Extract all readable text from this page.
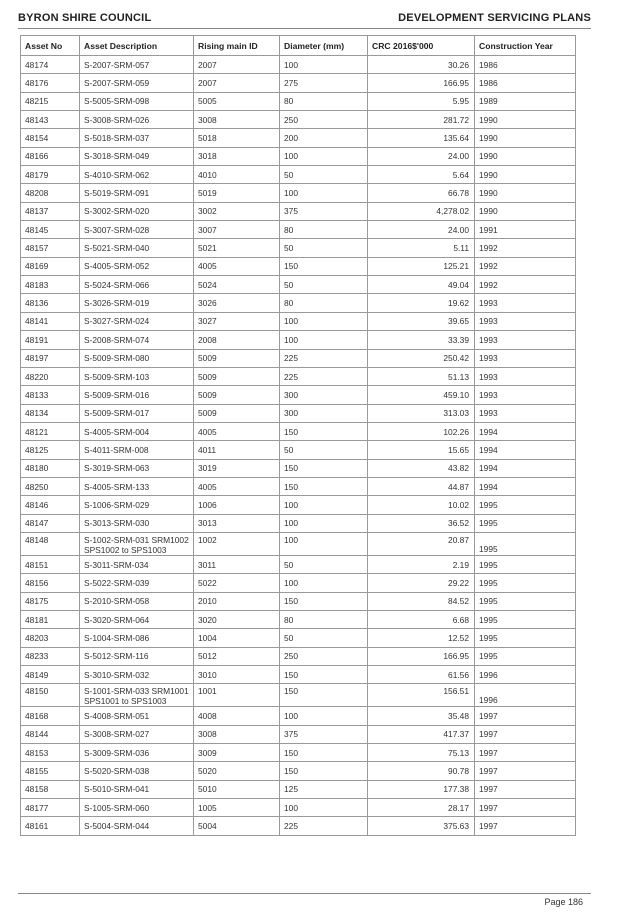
BYRON SHIRE COUNCIL	DEVELOPMENT SERVICING PLANS
Asset No	Asset Description	Rising main ID	Diameter (mm)	CRC 2016$'000	Construction Year
48174	S-2007-SRM-057	2007	100	30.26	1986
48176	S-2007-SRM-059	2007	275	166.95	1986
48215	S-5005-SRM-098	5005	80	5.95	1989
48143	S-3008-SRM-026	3008	250	281.72	1990
48154	S-5018-SRM-037	5018	200	135.64	1990
48166	S-3018-SRM-049	3018	100	24.00	1990
48179	S-4010-SRM-062	4010	50	5.64	1990
48208	S-5019-SRM-091	5019	100	66.78	1990
48137	S-3002-SRM-020	3002	375	4,278.02	1990
48145	S-3007-SRM-028	3007	80	24.00	1991
48157	S-5021-SRM-040	5021	50	5.11	1992
48169	S-4005-SRM-052	4005	150	125.21	1992
48183	S-5024-SRM-066	5024	50	49.04	1992
48136	S-3026-SRM-019	3026	80	19.62	1993
48141	S-3027-SRM-024	3027	100	39.65	1993
48191	S-2008-SRM-074	2008	100	33.39	1993
48197	S-5009-SRM-080	5009	225	250.42	1993
48220	S-5009-SRM-103	5009	225	51.13	1993
48133	S-5009-SRM-016	5009	300	459.10	1993
48134	S-5009-SRM-017	5009	300	313.03	1993
48121	S-4005-SRM-004	4005	150	102.26	1994
48125	S-4011-SRM-008	4011	50	15.65	1994
48180	S-3019-SRM-063	3019	150	43.82	1994
48250	S-4005-SRM-133	4005	150	44.87	1994
48146	S-1006-SRM-029	1006	100	10.02	1995
48147	S-3013-SRM-030	3013	100	36.52	1995
48148	S-1002-SRM-031 SRM1002 SPS1002 to SPS1003	1002	100	20.87	1995
48151	S-3011-SRM-034	3011	50	2.19	1995
48156	S-5022-SRM-039	5022	100	29.22	1995
48175	S-2010-SRM-058	2010	150	84.52	1995
48181	S-3020-SRM-064	3020	80	6.68	1995
48203	S-1004-SRM-086	1004	50	12.52	1995
48233	S-5012-SRM-116	5012	250	166.95	1995
48149	S-3010-SRM-032	3010	150	61.56	1996
48150	S-1001-SRM-033 SRM1001 SPS1001 to SPS1003	1001	150	156.51	1996
48168	S-4008-SRM-051	4008	100	35.48	1997
48144	S-3008-SRM-027	3008	375	417.37	1997
48153	S-3009-SRM-036	3009	150	75.13	1997
48155	S-5020-SRM-038	5020	150	90.78	1997
48158	S-5010-SRM-041	5010	125	177.38	1997
48177	S-1005-SRM-060	1005	100	28.17	1997
48161	S-5004-SRM-044	5004	225	375.63	1997
Page 186
